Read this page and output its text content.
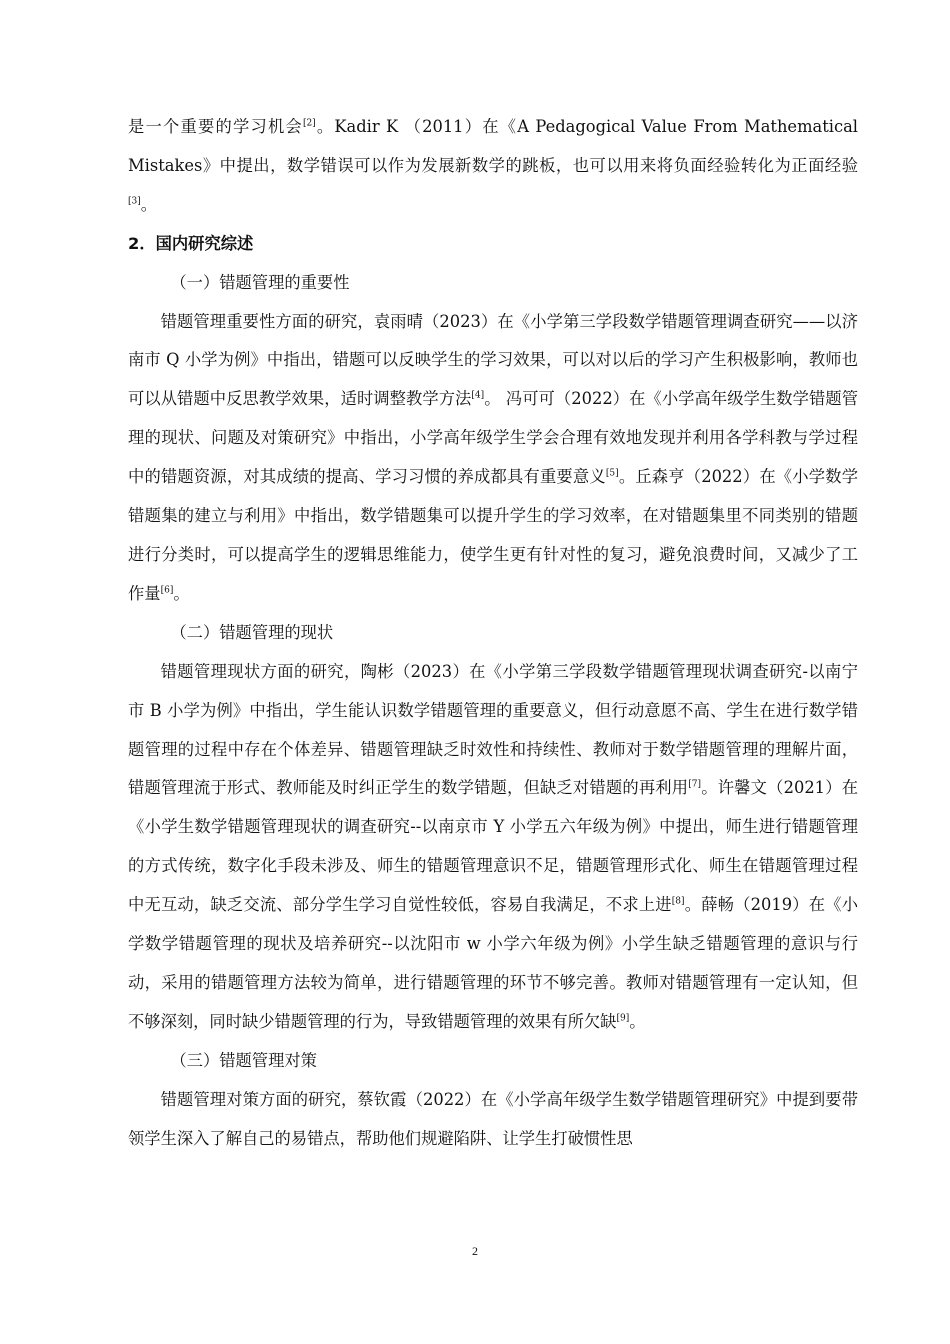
是一个重要的学习机会[2]。Kadir K （2011）在《A Pedagogical Value From Mathematical Mistakes》中提出，数学错误可以作为发展新数学的跳板，也可以用来将负面经验转化为正面经验[3]。

2．国内研究综述

（一）错题管理的重要性

错题管理重要性方面的研究，袁雨晴（2023）在《小学第三学段数学错题管理调查研究——以济南市 Q 小学为例》中指出，错题可以反映学生的学习效果，可以对以后的学习产生积极影响，教师也可以从错题中反思教学效果，适时调整教学方法[4]。 冯可可（2022）在《小学高年级学生数学错题管理的现状、问题及对策研究》中指出，小学高年级学生学会合理有效地发现并利用各学科教与学过程中的错题资源，对其成绩的提高、学习习惯的养成都具有重要意义[5]。丘森亨（2022）在《小学数学错题集的建立与利用》中指出，数学错题集可以提升学生的学习效率，在对错题集里不同类别的错题进行分类时，可以提高学生的逻辑思维能力，使学生更有针对性的复习，避免浪费时间，又减少了工作量[6]。

（二）错题管理的现状

错题管理现状方面的研究，陶彬（2023）在《小学第三学段数学错题管理现状调查研究-以南宁市 B 小学为例》中指出，学生能认识数学错题管理的重要意义，但行动意愿不高、学生在进行数学错题管理的过程中存在个体差异、错题管理缺乏时效性和持续性、教师对于数学错题管理的理解片面，错题管理流于形式、教师能及时纠正学生的数学错题，但缺乏对错题的再利用[7]。许馨文（2021）在《小学生数学错题管理现状的调查研究--以南京市 Y 小学五六年级为例》中提出，师生进行错题管理的方式传统，数字化手段未涉及、师生的错题管理意识不足，错题管理形式化、师生在错题管理过程中无互动，缺乏交流、部分学生学习自觉性较低，容易自我满足，不求上进[8]。薛畅（2019）在《小学数学错题管理的现状及培养研究--以沈阳市 w 小学六年级为例》小学生缺乏错题管理的意识与行动，采用的错题管理方法较为简单，进行错题管理的环节不够完善。教师对错题管理有一定认知，但不够深刻，同时缺少错题管理的行为，导致错题管理的效果有所欠缺[9]。

（三）错题管理对策

错题管理对策方面的研究，蔡钦霞（2022）在《小学高年级学生数学错题管理研究》中提到要带领学生深入了解自己的易错点，帮助他们规避陷阱、让学生打破惯性思

2
